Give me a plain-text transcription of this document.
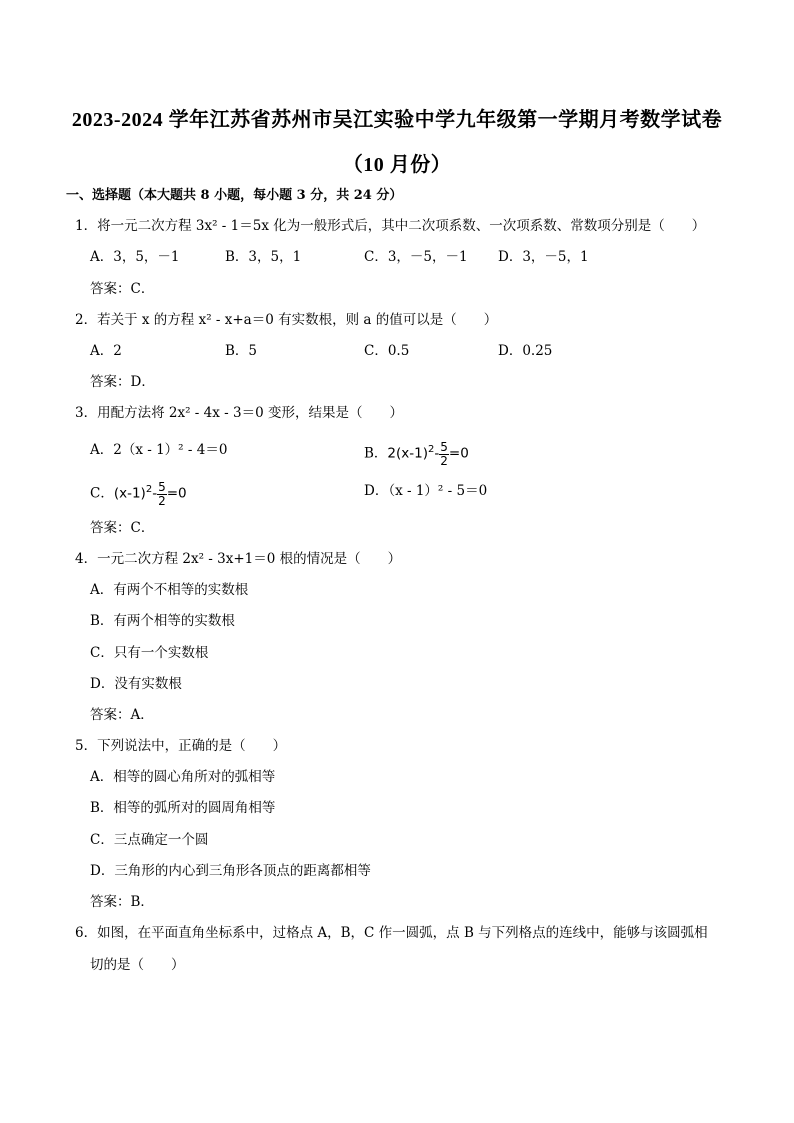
2023-2024 学年江苏省苏州市吴江实验中学九年级第一学期月考数学试卷
（10 月份）
一、选择题（本大题共 8 小题，每小题 3 分，共 24 分）
1．将一元二次方程 3x² - 1＝5x 化为一般形式后，其中二次项系数、一次项系数、常数项分别是（　　）
A．3，5，－1	B．3，5，1	C．3，－5，－1 D．3，－5，1
答案：C．
2．若关于 x 的方程 x² - x+a＝0 有实数根，则 a 的值可以是（　　）
A．2	B．5	C．0.5	D．0.25
答案：D．
3．用配方法将 2x² - 4x - 3＝0 变形，结果是（　　）
A．2（x - 1）² - 4＝0	B．$2(x-1)^2- \frac{5}{2} =0$
C．$(x-1)^2- \frac{5}{2} =0$	D．（x - 1）² - 5＝0
答案：C．
4．一元二次方程 2x² - 3x+1＝0 根的情况是（　　）
A．有两个不相等的实数根
B．有两个相等的实数根
C．只有一个实数根
D．没有实数根
答案：A．
5．下列说法中，正确的是（　　）
A．相等的圆心角所对的弧相等
B．相等的弧所对的圆周角相等
C．三点确定一个圆
D．三角形的内心到三角形各顶点的距离都相等
答案：B．
6．如图，在平面直角坐标系中，过格点 A，B，C 作一圆弧，点 B 与下列格点的连线中，能够与该圆弧相
切的是（　　）
